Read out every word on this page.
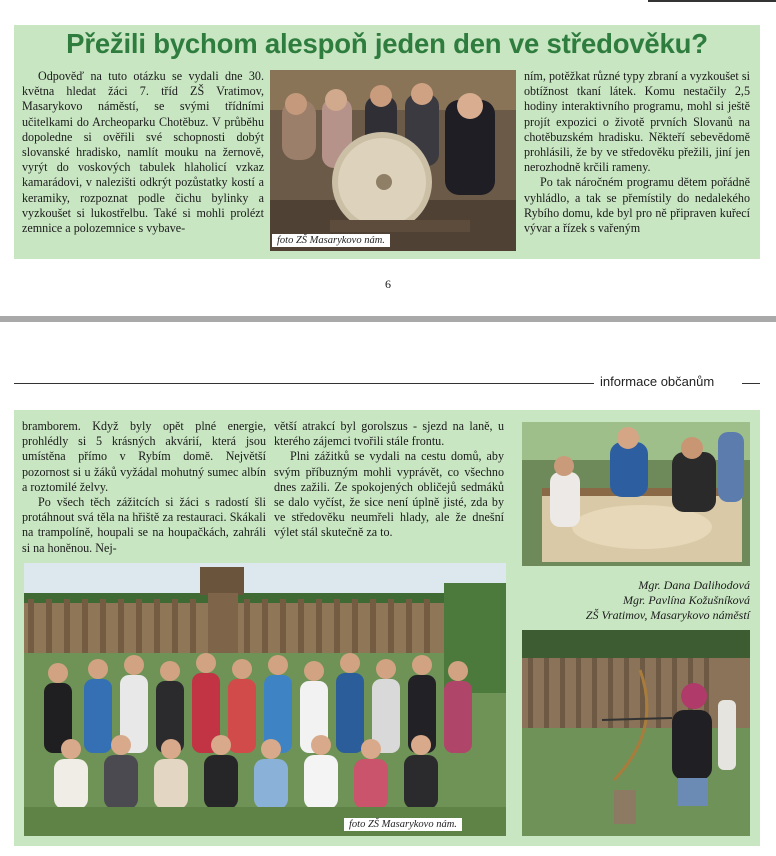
Přežili bychom alespoň jeden den ve středověku?

Odpověď na tuto otázku se vydali dne 30. května hledat žáci 7. tříd ZŠ Vratimov, Masarykovo náměstí, se svými třídními učitelkami do Archeoparku Chotěbuz. V průběhu dopoledne si ověřili své schopnosti dobýt slovanské hradisko, namlít mouku na žernově, vyrýt do voskových tabulek hlaholicí vzkaz kamarádovi, v nalezišti odkrýt pozůstatky kostí a keramiky, rozpoznat podle čichu bylinky a vyzkoušet si lukostřelbu. Také si mohli prolézt zemnice a polozemnice s vybave-

foto ZŠ Masarykovo nám.

ním, potěžkat různé typy zbraní a vyzkoušet si obtížnost tkaní látek. Komu nestačily 2,5 hodiny interaktivního programu, mohl si ještě projít expozici o životě prvních Slovanů na chotěbuzském hradisku. Někteří sebevědomě prohlásili, že by ve středověku přežili, jiní jen nerozhodně krčili rameny.

Po tak náročném programu dětem pořádně vyhládlo, a tak se přemístily do nedalekého Rybího domu, kde byl pro ně připraven kuřecí vývar a řízek s vařeným

6
informace občanům

bramborem. Když byly opět plné energie, prohlédly si 5 krásných akvárií, která jsou umístěna přímo v Rybím domě. Největší pozornost si u žáků vyžádal mohutný sumec albín a roztomilé želvy.

Po všech těch zážitcích si žáci s radostí šli protáhnout svá těla na hřiště za restauraci. Skákali na trampolíně, houpali se na houpačkách, zahráli si na honěnou. Nej-

větší atrakcí byl gorolszus - sjezd na laně, u kterého zájemci tvořili stále frontu.

Plni zážitků se vydali na cestu domů, aby svým příbuzným mohli vyprávět, co všechno dnes zažili. Ze spokojených obličejů sedmáků se dalo vyčíst, že sice není úplně jisté, zda by ve středověku neumřeli hlady, ale že dnešní výlet stál skutečně za to.

Mgr. Dana Dalihodová
Mgr. Pavlína Kožušníková
ZŠ Vratimov, Masarykovo náměstí
foto ZŠ Masarykovo nám.
